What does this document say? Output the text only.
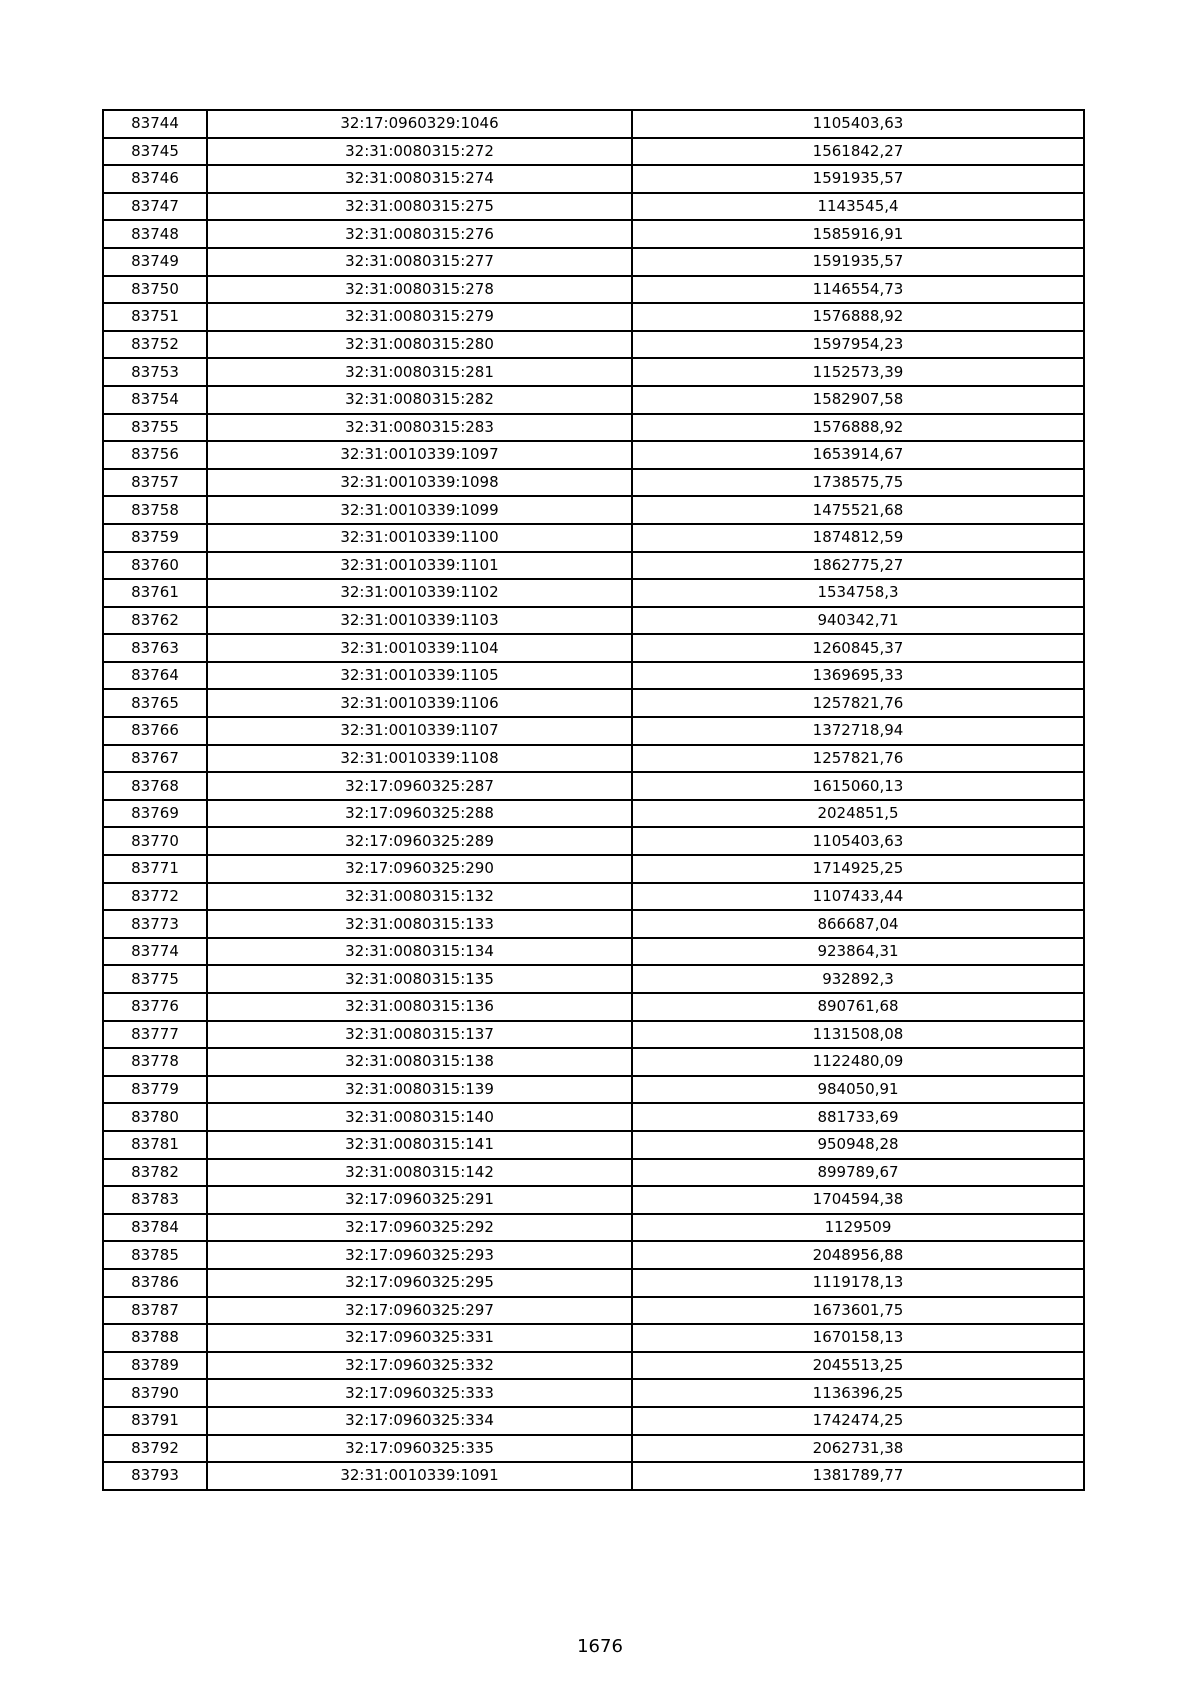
83744	32:17:0960329:1046	1105403,63
83745	32:31:0080315:272	1561842,27
83746	32:31:0080315:274	1591935,57
83747	32:31:0080315:275	1143545,4
83748	32:31:0080315:276	1585916,91
83749	32:31:0080315:277	1591935,57
83750	32:31:0080315:278	1146554,73
83751	32:31:0080315:279	1576888,92
83752	32:31:0080315:280	1597954,23
83753	32:31:0080315:281	1152573,39
83754	32:31:0080315:282	1582907,58
83755	32:31:0080315:283	1576888,92
83756	32:31:0010339:1097	1653914,67
83757	32:31:0010339:1098	1738575,75
83758	32:31:0010339:1099	1475521,68
83759	32:31:0010339:1100	1874812,59
83760	32:31:0010339:1101	1862775,27
83761	32:31:0010339:1102	1534758,3
83762	32:31:0010339:1103	940342,71
83763	32:31:0010339:1104	1260845,37
83764	32:31:0010339:1105	1369695,33
83765	32:31:0010339:1106	1257821,76
83766	32:31:0010339:1107	1372718,94
83767	32:31:0010339:1108	1257821,76
83768	32:17:0960325:287	1615060,13
83769	32:17:0960325:288	2024851,5
83770	32:17:0960325:289	1105403,63
83771	32:17:0960325:290	1714925,25
83772	32:31:0080315:132	1107433,44
83773	32:31:0080315:133	866687,04
83774	32:31:0080315:134	923864,31
83775	32:31:0080315:135	932892,3
83776	32:31:0080315:136	890761,68
83777	32:31:0080315:137	1131508,08
83778	32:31:0080315:138	1122480,09
83779	32:31:0080315:139	984050,91
83780	32:31:0080315:140	881733,69
83781	32:31:0080315:141	950948,28
83782	32:31:0080315:142	899789,67
83783	32:17:0960325:291	1704594,38
83784	32:17:0960325:292	1129509
83785	32:17:0960325:293	2048956,88
83786	32:17:0960325:295	1119178,13
83787	32:17:0960325:297	1673601,75
83788	32:17:0960325:331	1670158,13
83789	32:17:0960325:332	2045513,25
83790	32:17:0960325:333	1136396,25
83791	32:17:0960325:334	1742474,25
83792	32:17:0960325:335	2062731,38
83793	32:31:0010339:1091	1381789,77
1676
